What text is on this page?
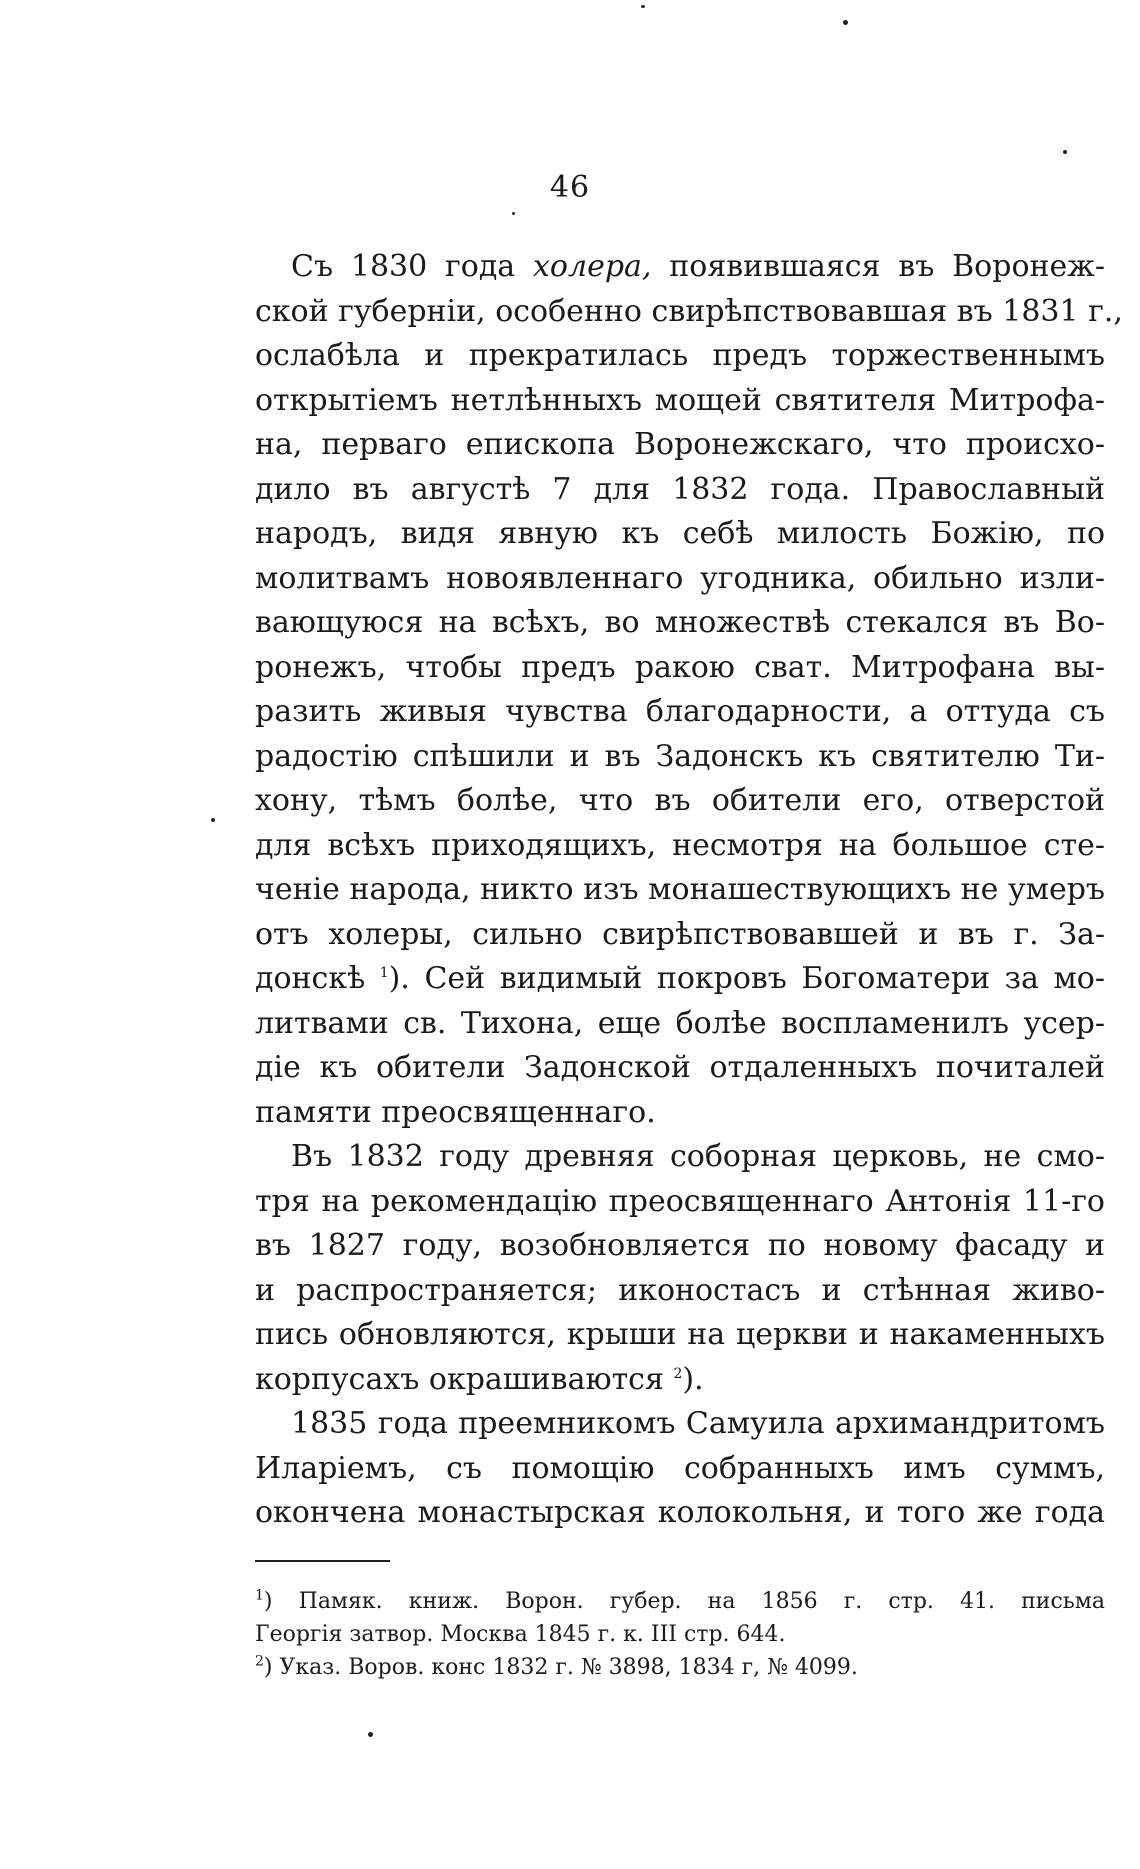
46
Съ 1830 года холера, появившаяся въ Воронеж-
ской губерніи, особенно свирѣпствовавшая въ 1831 г.,
ослабѣла и прекратилась предъ торжественнымъ
открытіемъ нетлѣнныхъ мощей святителя Митрофа-
на, перваго епископа Воронежскаго, что происхо-
дило въ августѣ 7 для 1832 года. Православный
народъ, видя явную къ себѣ милость Божію, по
молитвамъ новоявленнаго угодника, обильно изли-
вающуюся на всѣхъ, во множествѣ стекался въ Во-
ронежъ, чтобы предъ ракою сват. Митрофана вы-
разить живыя чувства благодарности, а оттуда съ
радостію спѣшили и въ Задонскъ къ святителю Ти-
хону, тѣмъ болѣе, что въ обители его, отверстой
для всѣхъ приходящихъ, несмотря на большое сте-
ченіе народа, никто изъ монашествующихъ не умеръ
отъ холеры, сильно свирѣпствовавшей и въ г. За-
донскѣ $^1$). Сей видимый покровъ Богоматери за мо-
литвами св. Тихона, еще болѣе воспламенилъ усер-
діе къ обители Задонской отдаленныхъ почиталей
памяти преосвященнаго.
Въ 1832 году древняя соборная церковь, не смо-
тря на рекомендацію преосвященнаго Антонія 11-го
въ 1827 году, возобновляется по новому фасаду и
и распространяется; иконостасъ и стѣнная живо-
пись обновляются, крыши на церкви и накаменныхъ
корпусахъ окрашиваются $^2$).
1835 года преемникомъ Самуила архимандритомъ
Иларіемъ, съ помощію собранныхъ имъ суммъ,
окончена монастырская колокольня, и того же года
$^1$) Памяк. книж. Ворон. губер. на 1856 г. стр. 41. письма
Георгія затвор. Москва 1845 г. к. III стр. 644.
$^2$) Указ. Воров. конс 1832 г. № 3898, 1834 г, № 4099.
